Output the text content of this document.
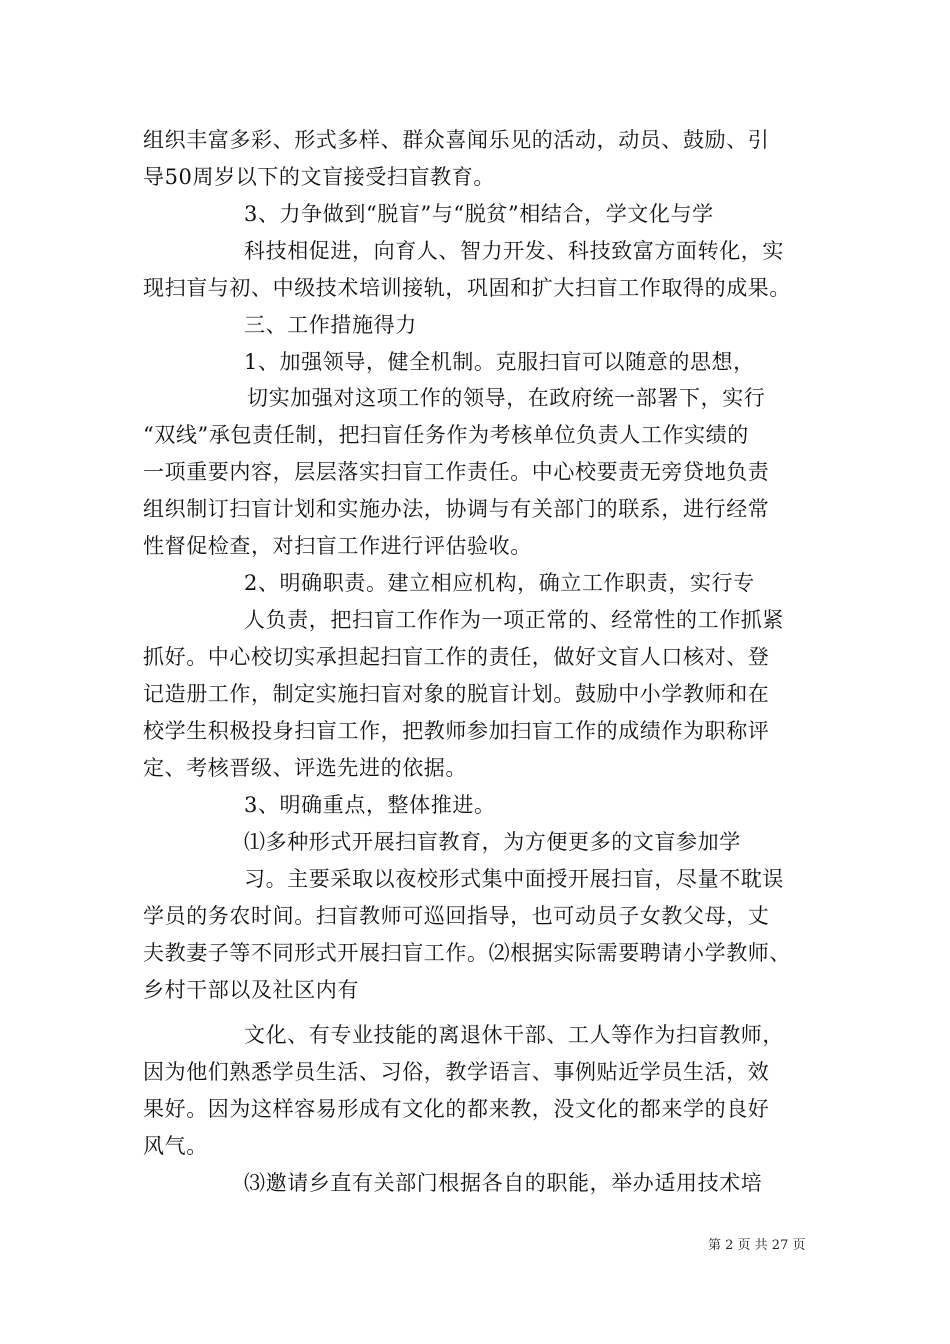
组织丰富多彩、形式多样、群众喜闻乐见的活动，动员、鼓励、引
导50周岁以下的文盲接受扫盲教育。
3、力争做到“脱盲”与“脱贫”相结合，学文化与学
科技相促进，向育人、智力开发、科技致富方面转化，实
现扫盲与初、中级技术培训接轨，巩固和扩大扫盲工作取得的成果。
三、工作措施得力
1、加强领导，健全机制。克服扫盲可以随意的思想，
切实加强对这项工作的领导，在政府统一部署下，实行
“双线”承包责任制，把扫盲任务作为考核单位负责人工作实绩的
一项重要内容，层层落实扫盲工作责任。中心校要责无旁贷地负责
组织制订扫盲计划和实施办法，协调与有关部门的联系，进行经常
性督促检查，对扫盲工作进行评估验收。
2、明确职责。建立相应机构，确立工作职责，实行专
人负责，把扫盲工作作为一项正常的、经常性的工作抓紧
抓好。中心校切实承担起扫盲工作的责任，做好文盲人口核对、登
记造册工作，制定实施扫盲对象的脱盲计划。鼓励中小学教师和在
校学生积极投身扫盲工作，把教师参加扫盲工作的成绩作为职称评
定、考核晋级、评选先进的依据。
3、明确重点，整体推进。
⑴多种形式开展扫盲教育，为方便更多的文盲参加学
习。主要采取以夜校形式集中面授开展扫盲，尽量不耽误
学员的务农时间。扫盲教师可巡回指导，也可动员子女教父母，丈
夫教妻子等不同形式开展扫盲工作。⑵根据实际需要聘请小学教师、
乡村干部以及社区内有
文化、有专业技能的离退休干部、工人等作为扫盲教师，
因为他们熟悉学员生活、习俗，教学语言、事例贴近学员生活，效
果好。因为这样容易形成有文化的都来教，没文化的都来学的良好
风气。
⑶邀请乡直有关部门根据各自的职能，举办适用技术培
第 2 页 共 27 页
